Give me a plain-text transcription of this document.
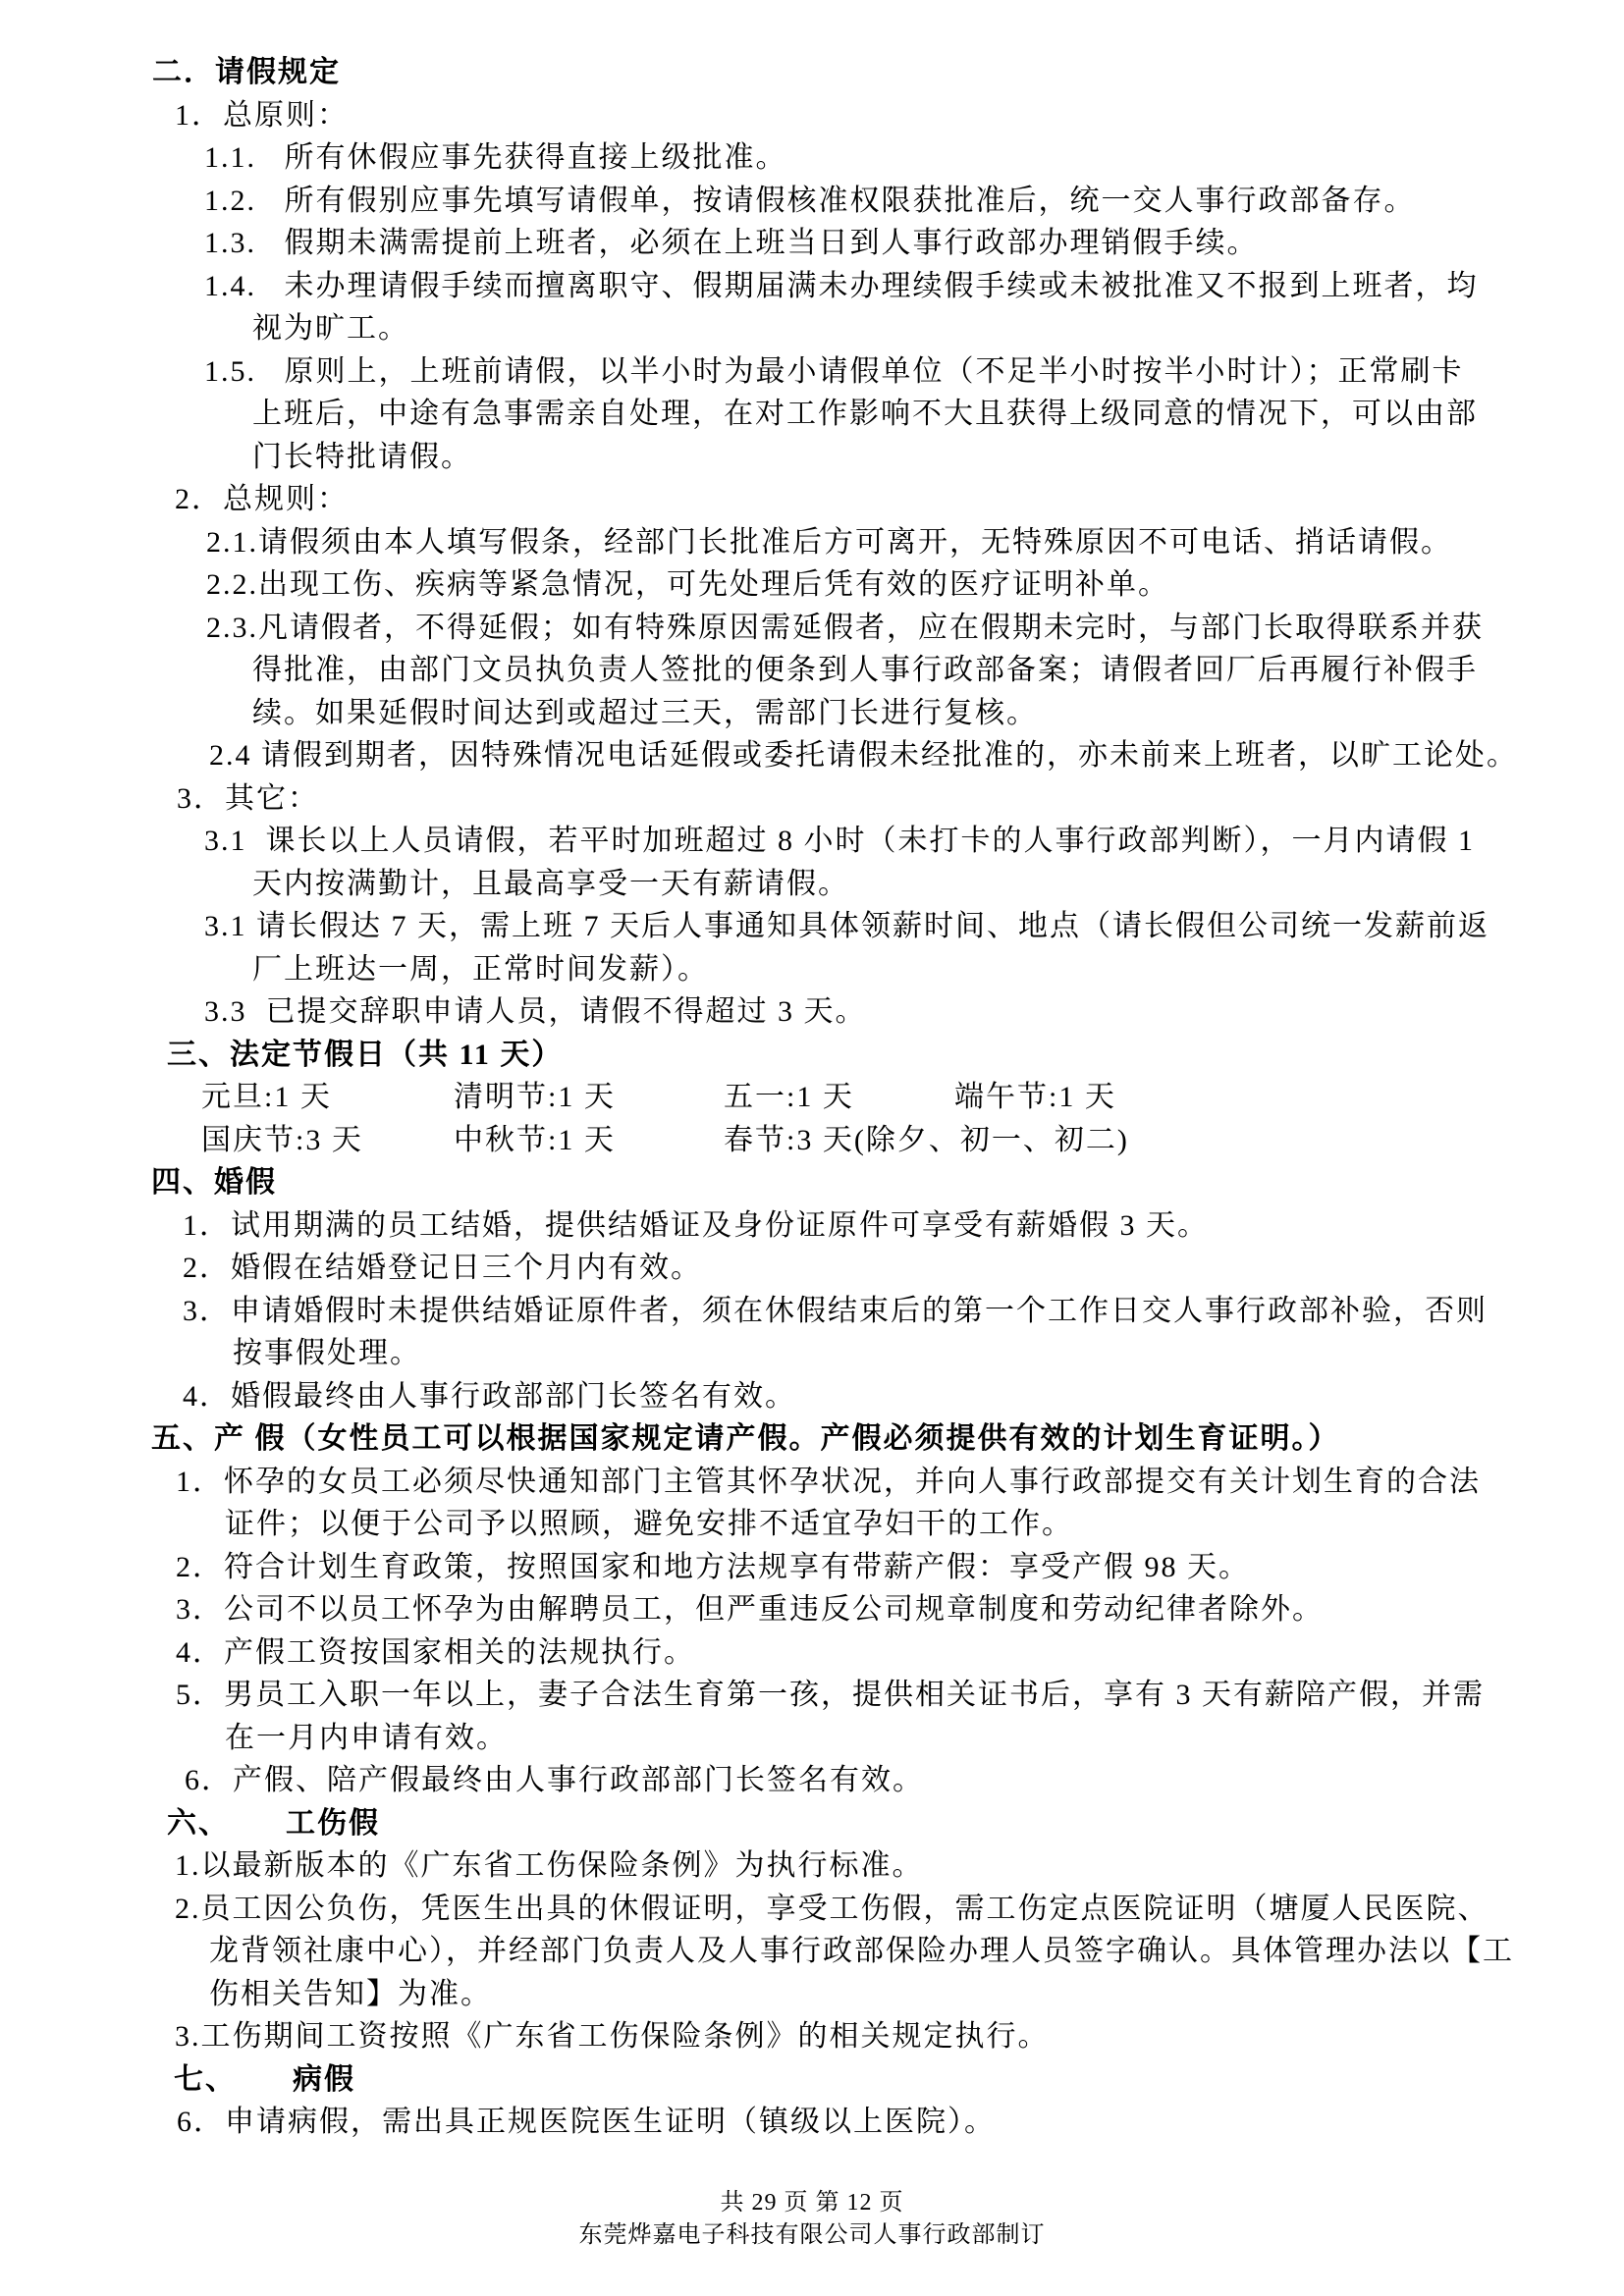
二．请假规定
1．总原则：
1.1.   所有休假应事先获得直接上级批准。
1.2.   所有假别应事先填写请假单，按请假核准权限获批准后，统一交人事行政部备存。
1.3.   假期未满需提前上班者，必须在上班当日到人事行政部办理销假手续。
1.4.   未办理请假手续而擅离职守、假期届满未办理续假手续或未被批准又不报到上班者，均
视为旷工。
1.5.   原则上，上班前请假，以半小时为最小请假单位（不足半小时按半小时计）；正常刷卡
上班后，中途有急事需亲自处理，在对工作影响不大且获得上级同意的情况下，可以由部
门长特批请假。
2．总规则：
2.1.请假须由本人填写假条，经部门长批准后方可离开，无特殊原因不可电话、捎话请假。
2.2.出现工伤、疾病等紧急情况，可先处理后凭有效的医疗证明补单。
2.3.凡请假者，不得延假；如有特殊原因需延假者，应在假期未完时，与部门长取得联系并获
得批准，由部门文员执负责人签批的便条到人事行政部备案；请假者回厂后再履行补假手
续。如果延假时间达到或超过三天，需部门长进行复核。
2.4 请假到期者，因特殊情况电话延假或委托请假未经批准的，亦未前来上班者，以旷工论处。
3．其它：
3.1  课长以上人员请假，若平时加班超过 8 小时（未打卡的人事行政部判断），一月内请假 1
天内按满勤计，且最高享受一天有薪请假。
3.1 请长假达 7 天，需上班 7 天后人事通知具体领薪时间、地点（请长假但公司统一发薪前返
厂上班达一周，正常时间发薪）。
3.3  已提交辞职申请人员，请假不得超过 3 天。
三、法定节假日（共 11 天）
元旦:1 天	清明节:1 天	五一:1 天	端午节:1 天
国庆节:3 天	中秋节:1 天	春节:3 天(除夕、初一、初二)
四、婚假
1．试用期满的员工结婚，提供结婚证及身份证原件可享受有薪婚假 3 天。
2．婚假在结婚登记日三个月内有效。
3．申请婚假时未提供结婚证原件者，须在休假结束后的第一个工作日交人事行政部补验，否则
按事假处理。
4．婚假最终由人事行政部部门长签名有效。
五、产 假（女性员工可以根据国家规定请产假。产假必须提供有效的计划生育证明。）
1．怀孕的女员工必须尽快通知部门主管其怀孕状况，并向人事行政部提交有关计划生育的合法
证件；以便于公司予以照顾，避免安排不适宜孕妇干的工作。
2．符合计划生育政策，按照国家和地方法规享有带薪产假：享受产假 98 天。
3．公司不以员工怀孕为由解聘员工，但严重违反公司规章制度和劳动纪律者除外。
4．产假工资按国家相关的法规执行。
5．男员工入职一年以上，妻子合法生育第一孩，提供相关证书后，享有 3 天有薪陪产假，并需
在一月内申请有效。
6．产假、陪产假最终由人事行政部部门长签名有效。
六、      工伤假
1.以最新版本的《广东省工伤保险条例》为执行标准。
2.员工因公负伤，凭医生出具的休假证明，享受工伤假，需工伤定点医院证明（塘厦人民医院、
龙背领社康中心），并经部门负责人及人事行政部保险办理人员签字确认。具体管理办法以【工
伤相关告知】为准。
3.工伤期间工资按照《广东省工伤保险条例》的相关规定执行。
七、      病假
6．申请病假，需出具正规医院医生证明（镇级以上医院）。
共 29 页 第 12 页
东莞烨嘉电子科技有限公司人事行政部制订
